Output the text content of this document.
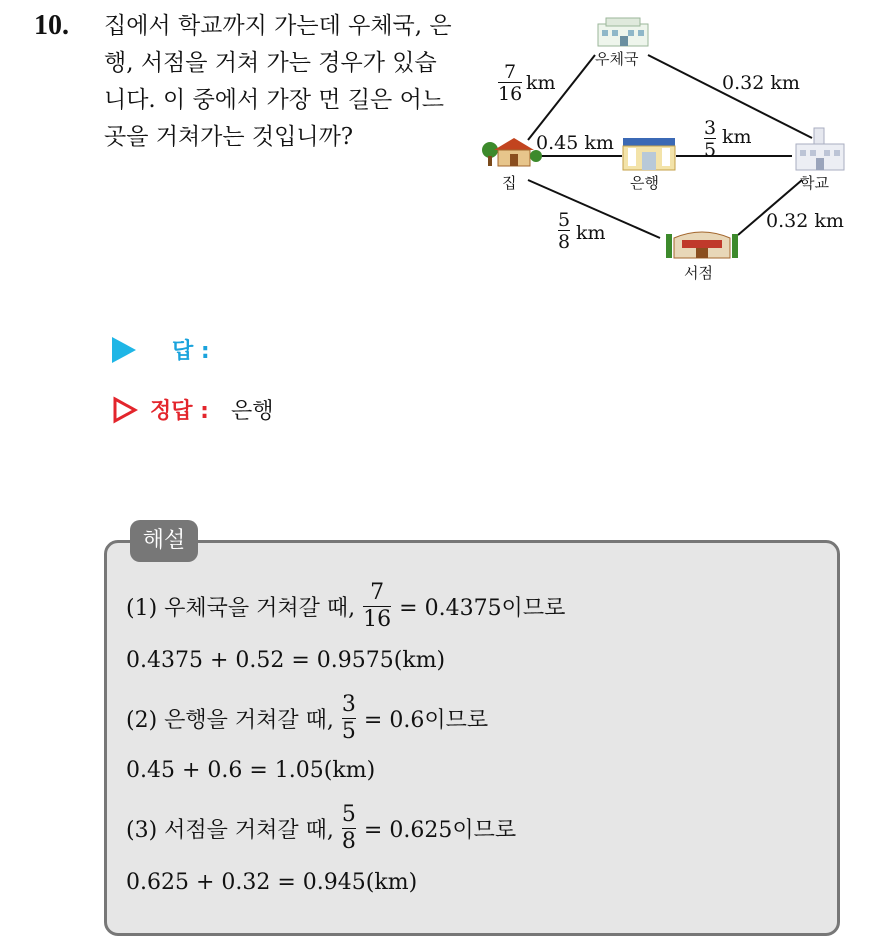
10. 집에서 학교까지 가는데 우체국, 은행, 서점을 거쳐 가는 경우가 있습니다. 이 중에서 가장 먼 길은 어느 곳을 거쳐가는 것입니까?

우체국
집	은행	학교
서점
$\frac{7}{16}$ km	0.32 km
0.45 km	$\frac{3}{5}$ km
$\frac{5}{8}$ km
0.32 km
답 :
정답 : 은행
해설
(1) 우체국을 거쳐갈 때, $\frac{7}{16} = 0.4375$이므로
0.4375 + 0.52 = 0.9575(km)
(2) 은행을 거쳐갈 때, $\frac{3}{5} = 0.6$이므로
0.45 + 0.6 = 1.05(km)
(3) 서점을 거쳐갈 때, $\frac{5}{8} = 0.625$이므로
0.625 + 0.32 = 0.945(km)
